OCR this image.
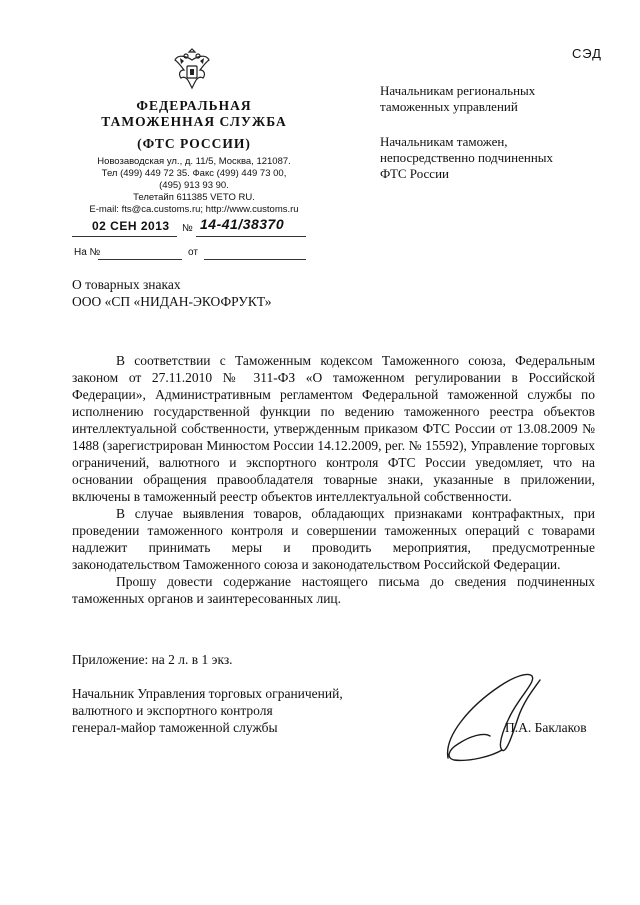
СЭД
ФЕДЕРАЛЬНАЯ
ТАМОЖЕННАЯ СЛУЖБА
(ФТС РОССИИ)
Новозаводская ул., д. 11/5, Москва, 121087.
Тел (499) 449 72 35. Факс (499) 449 73 00,
(495) 913 93 90.
Телетайп 611385 VETO RU.
E-mail: fts@ca.customs.ru; http://www.customs.ru
02 СЕН 2013 № 14-41/38370
На №	от
Начальникам региональных
таможенных управлений
Начальникам таможен,
непосредственно подчиненных
ФТС России
О товарных знаках
ООО «СП «НИДАН-ЭКОФРУКТ»

В соответствии с Таможенным кодексом Таможенного союза, Федеральным законом от 27.11.2010 № 311-ФЗ «О таможенном регулировании в Российской Федерации», Административным регламентом Федеральной таможенной службы по исполнению государственной функции по ведению таможенного реестра объектов интеллектуальной собственности, утвержденным приказом ФТС России от 13.08.2009 № 1488 (зарегистрирован Минюстом России 14.12.2009, рег. № 15592), Управление торговых ограничений, валютного и экспортного контроля ФТС России уведомляет, что на основании обращения правообладателя товарные знаки, указанные в приложении, включены в таможенный реестр объектов интеллектуальной собственности.

В случае выявления товаров, обладающих признаками контрафактных, при проведении таможенного контроля и совершении таможенных операций с товарами надлежит принимать меры и проводить мероприятия, предусмотренные законодательством Таможенного союза и законодательством Российской Федерации.

Прошу довести содержание настоящего письма до сведения подчиненных таможенных органов и заинтересованных лиц.

Приложение: на 2 л. в 1 экз.
Начальник Управления торговых ограничений,
валютного и экспортного контроля
генерал-майор таможенной службы	П.А. Баклаков
